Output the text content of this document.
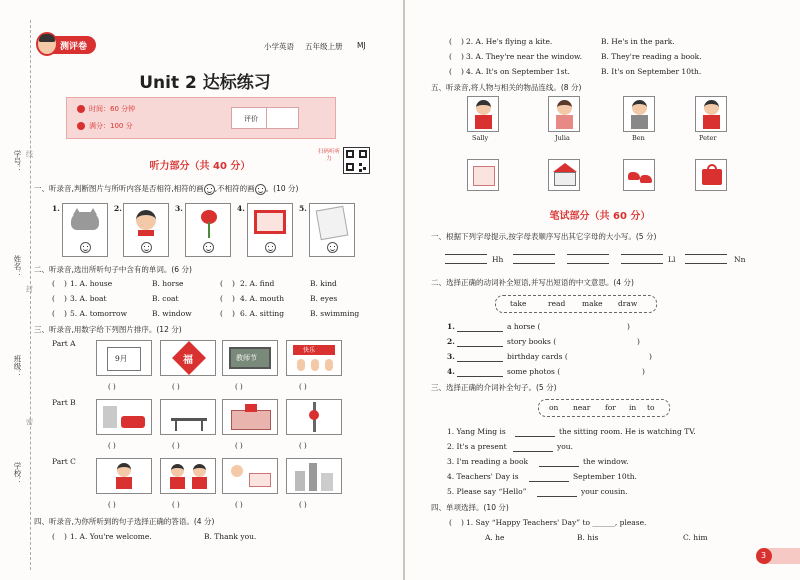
学号：
姓名：
班级：
学校：
线
封
密
测评卷	小学英语 五年级上册 MJ
Unit 2 达标练习
时间：60 分钟
满分：100 分
评价
听力部分（共 40 分）
扫码听听力
一、听录音,判断图片与所听内容是否相符,相符的画 ,不相符的画 。(10 分)
1.	2.	3.	4.	5.
二、听录音,选出所听句子中含有的单词。(6 分)
( ) 1. A. house	B. horse	( ) 2. A. find	B. kind
( ) 3. A. boat	B. coat	( ) 4. A. mouth	B. eyes
( ) 5. A. tomorrow	B. window	( ) 6. A. sitting	B. swimming
三、听录音,用数字给下列图片排序。(12 分)
Part A
9月	福	教师节
快乐
( )	( )	( )	( )
Part B
( )	( )	( )	( )
Part C
( )	( )	( )	( )
四、听录音,为你所听到的句子选择正确的答语。(4 分)
( ) 1. A. You're welcome.	B. Thank you.
( ) 2. A. He's flying a kite.	B. He's in the park.
( ) 3. A. They're near the window.	B. They're reading a book.
( ) 4. A. It's on September 1st.	B. It's on September 10th.
五、听录音,将人物与相关的物品连线。(8 分)
Sally	Julia	Ben	Peter
笔试部分（共 60 分）
一、根据下列字母提示,按字母表顺序写出其它字母的大小写。(5 分)
Hh	Ll	Nn
二、选择正确的动词补全短语,并写出短语的中文意思。(4 分)
take	read make draw
1.	a horse (	)
2.	story books (	)
3.	birthday cards (	)
4.	some photos (	)
三、选择正确的介词补全句子。(5 分)
on near for in to
1. Yang Ming is	the sitting room. He is watching TV.
2. It's a present	you.
3. I'm reading a book	the window.
4. Teachers' Day is	September 10th.
5. Please say “Hello”	your cousin.
四、单项选择。(10 分)
( ) 1. Say “Happy Teachers' Day” to ______, please.
A. he	B. his	C. him
3
